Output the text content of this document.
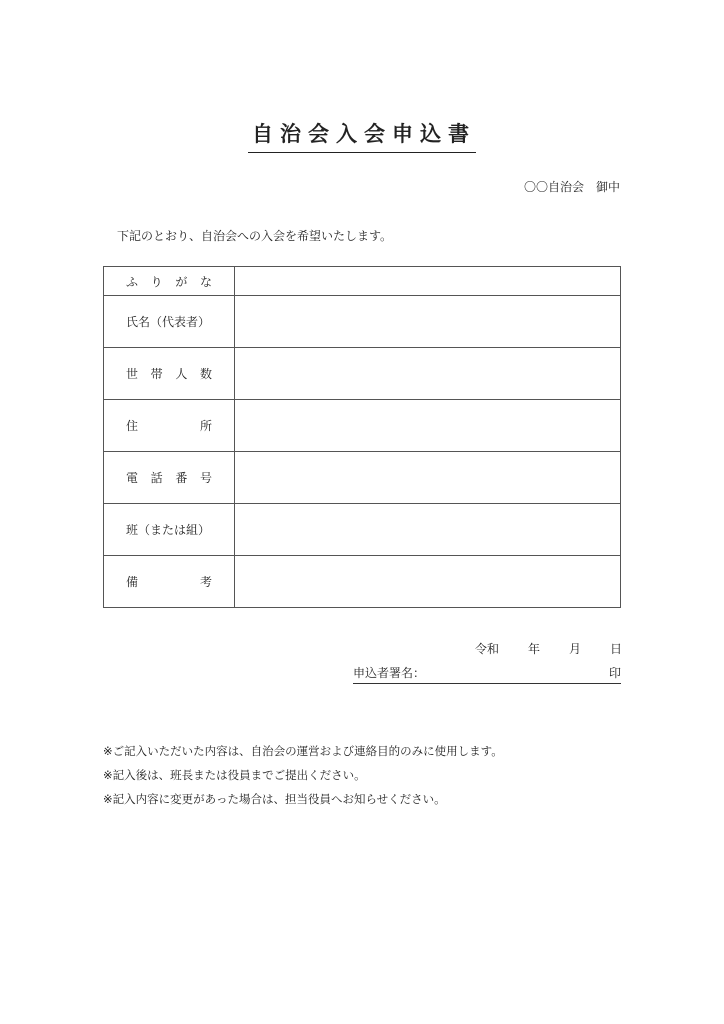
自治会入会申込書
〇〇自治会　御中
下記のとおり、自治会への入会を希望いたします。
ふ り が な	

氏名（代表者）	

世 帯 人 数	

住 所	

電 話 番 号	

班（または組）	

備 考	

令和 年 月 日
申込者署名：	印
※ご記入いただいた内容は、自治会の運営および連絡目的のみに使用します。
※記入後は、班長または役員までご提出ください。
※記入内容に変更があった場合は、担当役員へお知らせください。
